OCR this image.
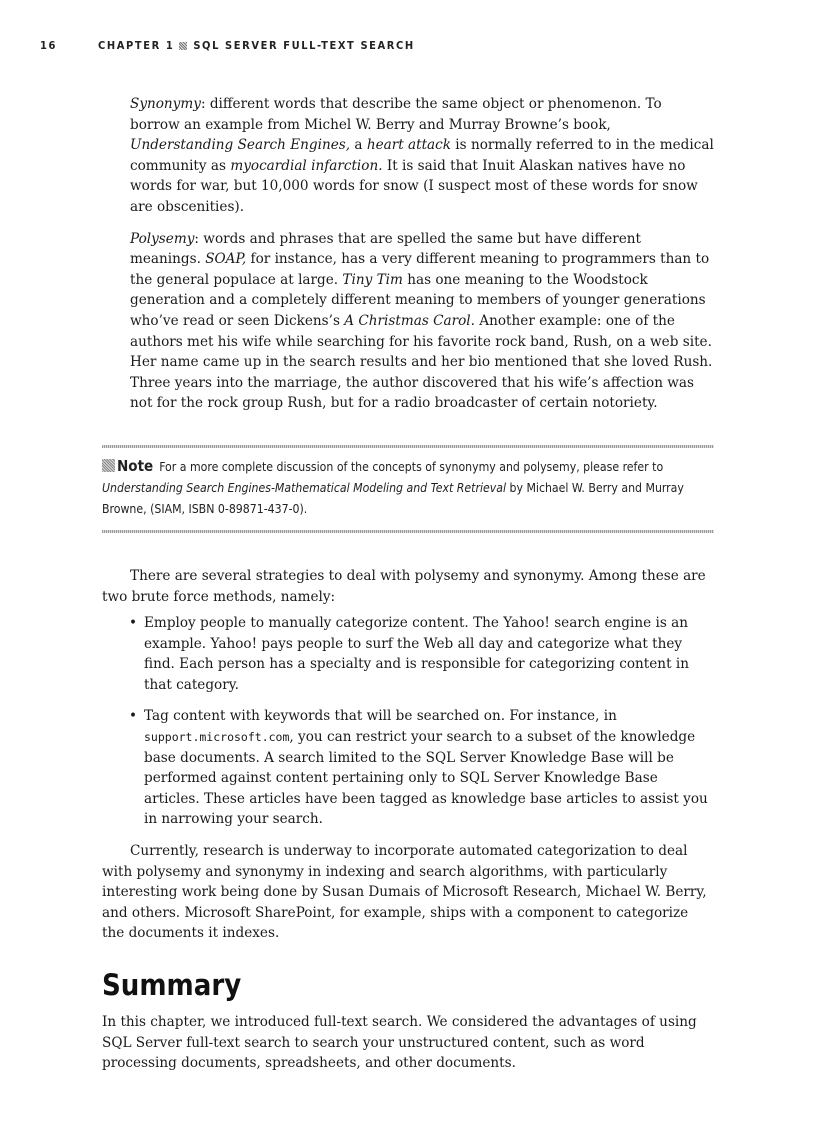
16	CHAPTER 1 SQL SERVER FULL-TEXT SEARCH

Synonymy: different words that describe the same object or phenomenon. To borrow an example from Michel W. Berry and Murray Browne’s book, Understanding Search Engines, a heart attack is normally referred to in the medical community as myocardial infarction. It is said that Inuit Alaskan natives have no words for war, but 10,000 words for snow (I suspect most of these words for snow are obscenities).

Polysemy: words and phrases that are spelled the same but have different meanings. SOAP, for instance, has a very different meaning to programmers than to the general populace at large. Tiny Tim has one meaning to the Woodstock generation and a completely different meaning to members of younger generations who’ve read or seen Dickens’s A Christmas Carol. Another example: one of the authors met his wife while searching for his favorite rock band, Rush, on a web site. Her name came up in the search results and her bio mentioned that she loved Rush. Three years into the marriage, the author discovered that his wife’s affection was not for the rock group Rush, but for a radio broadcaster of certain notoriety.

Note For a more complete discussion of the concepts of synonymy and polysemy, please refer to Understanding Search Engines-Mathematical Modeling and Text Retrieval by Michael W. Berry and Murray Browne, (SIAM, ISBN 0-89871-437-0).

There are several strategies to deal with polysemy and synonymy. Among these are two brute force methods, namely:

• Employ people to manually categorize content. The Yahoo! search engine is an example. Yahoo! pays people to surf the Web all day and categorize what they find. Each person has a specialty and is responsible for categorizing content in that category.
• Tag content with keywords that will be searched on. For instance, in support.microsoft.com, you can restrict your search to a subset of the knowledge base documents. A search limited to the SQL Server Knowledge Base will be performed against content pertaining only to SQL Server Knowledge Base articles. These articles have been tagged as knowledge base articles to assist you in narrowing your search.

Currently, research is underway to incorporate automated categorization to deal with polysemy and synonymy in indexing and search algorithms, with particularly interesting work being done by Susan Dumais of Microsoft Research, Michael W. Berry, and others. Microsoft SharePoint, for example, ships with a component to categorize the documents it indexes.

Summary

In this chapter, we introduced full-text search. We considered the advantages of using SQL Server full-text search to search your unstructured content, such as word processing documents, spreadsheets, and other documents.
